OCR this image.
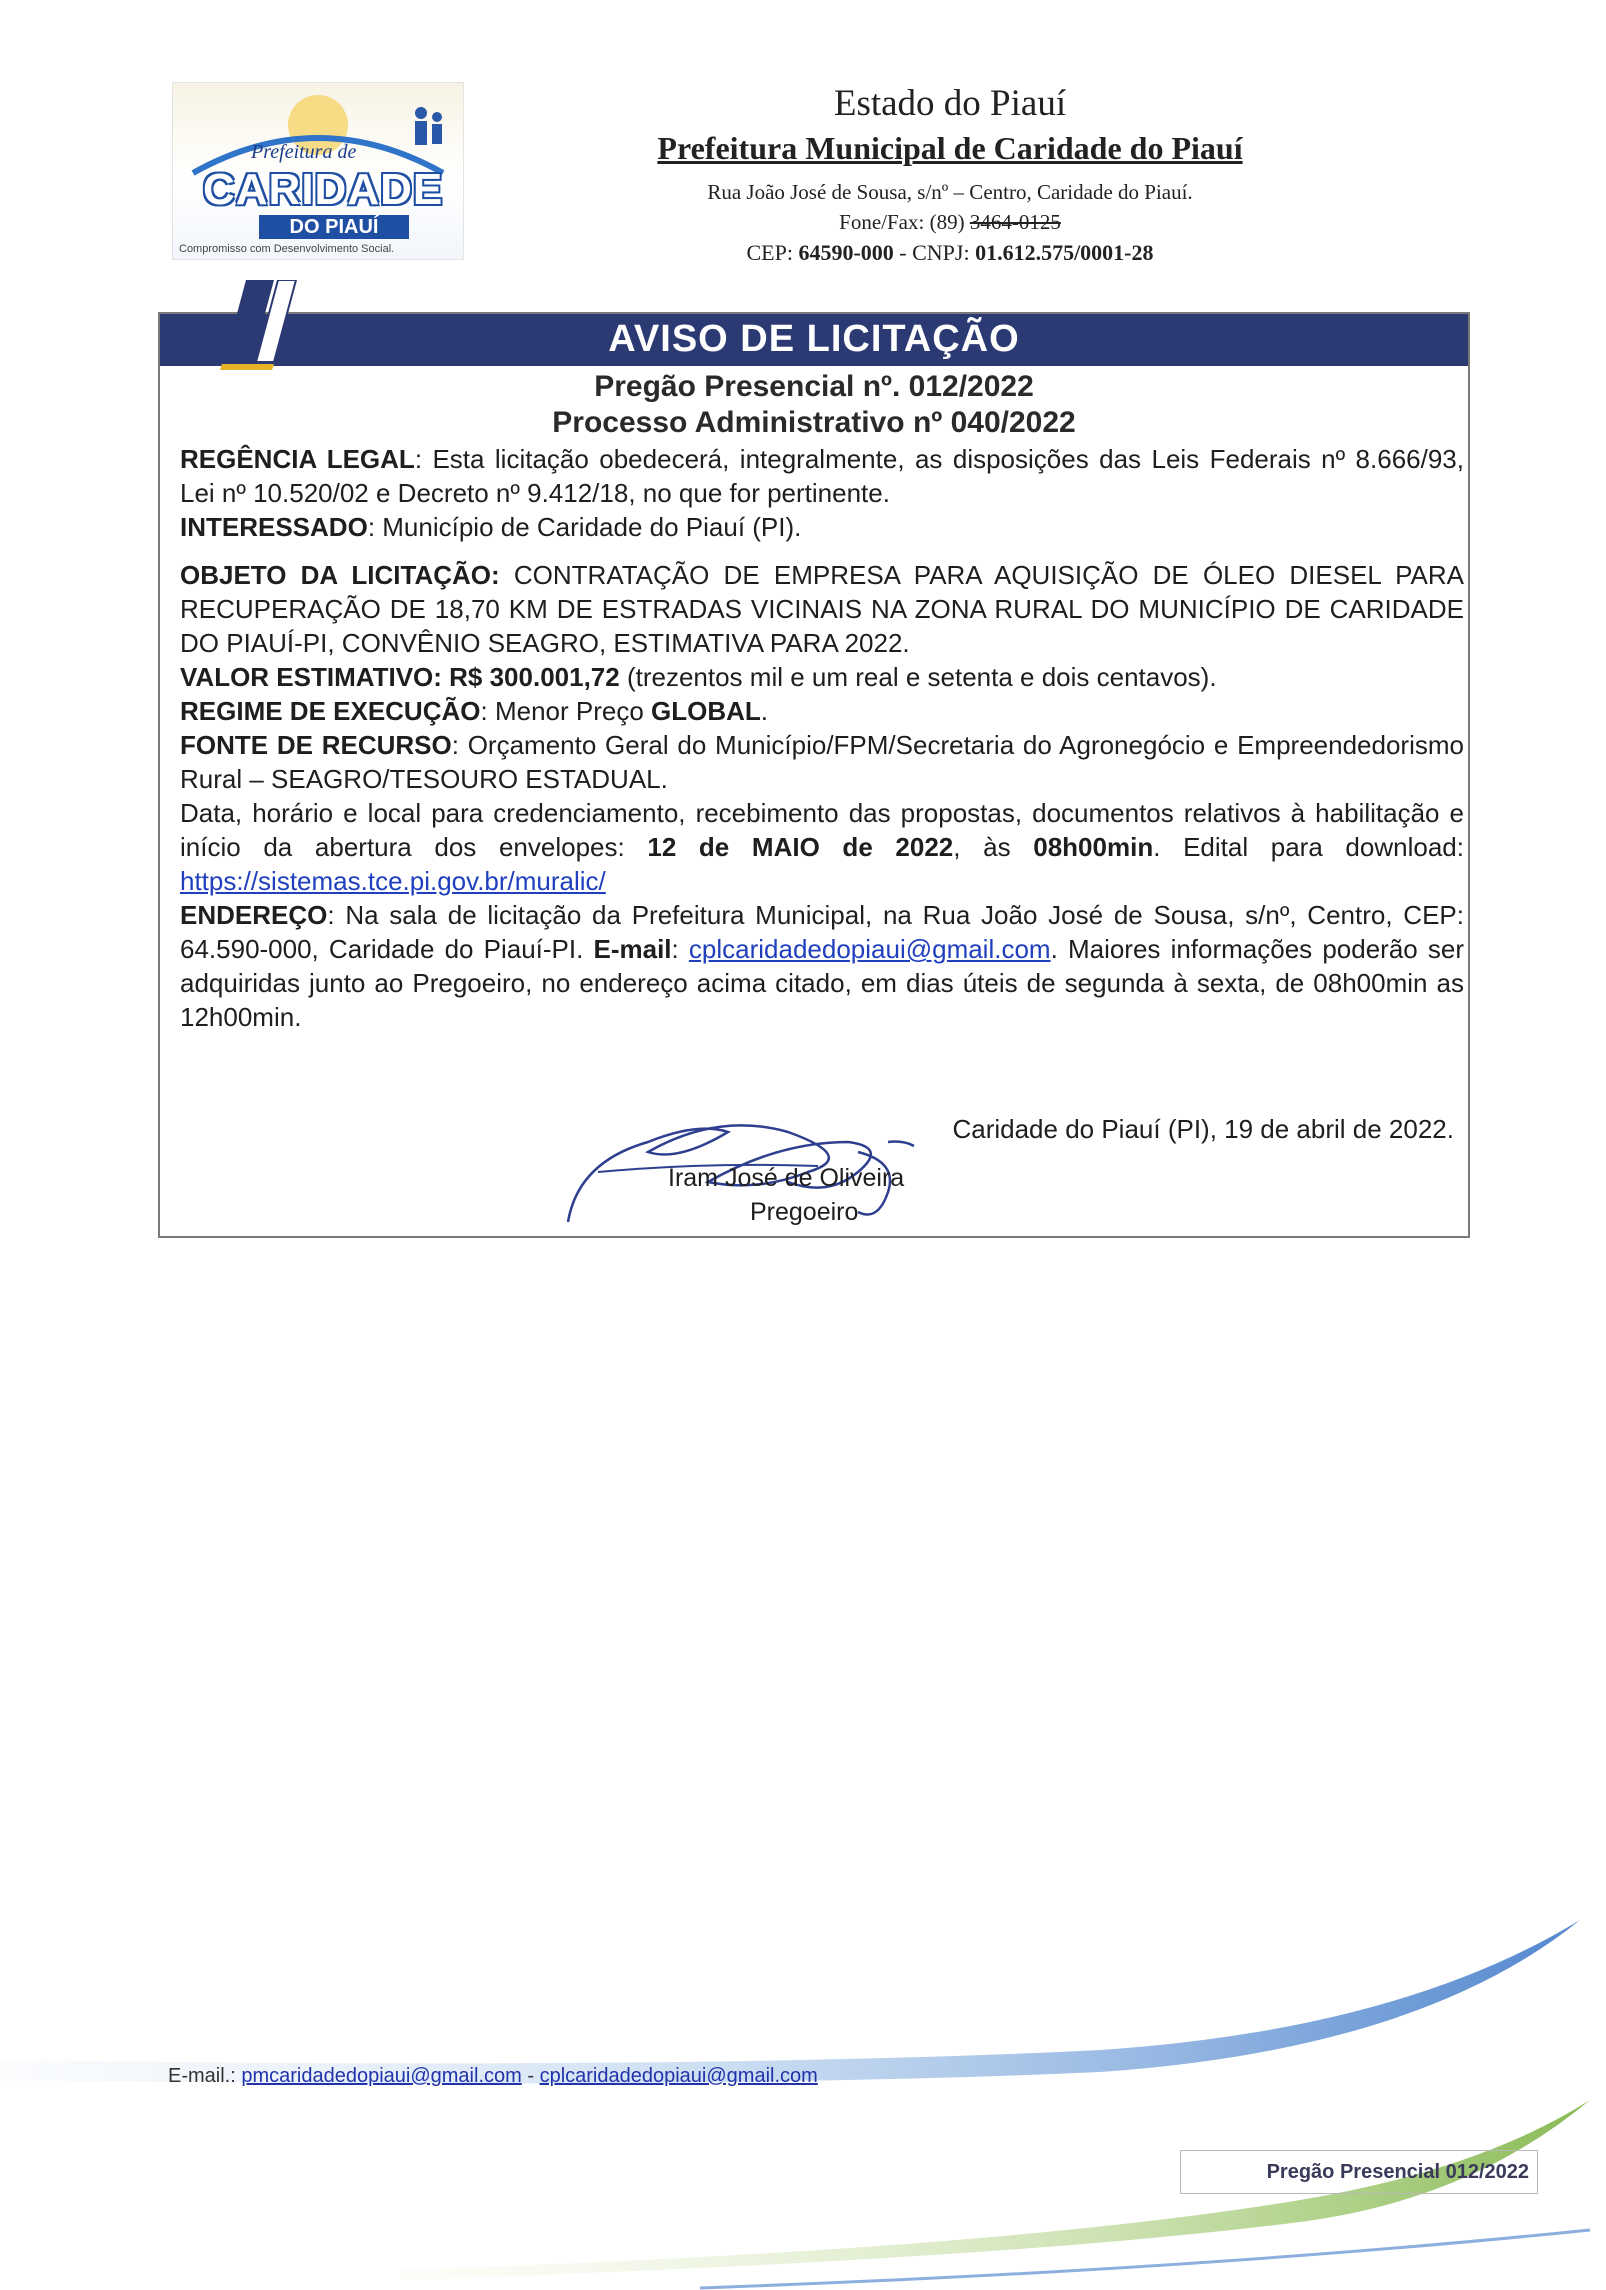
Prefeitura de
CARIDADE
DO PIAUÍ
Compromisso com Desenvolvimento Social.
Estado do Piauí
Prefeitura Municipal de Caridade do Piauí
Rua João José de Sousa, s/nº – Centro, Caridade do Piauí.
Fone/Fax: (89) 3464-0125
CEP: 64590-000 - CNPJ: 01.612.575/0001-28
AVISO DE LICITAÇÃO
Pregão Presencial nº. 012/2022
Processo Administrativo nº 040/2022

REGÊNCIA LEGAL: Esta licitação obedecerá, integralmente, as disposições das Leis Federais nº 8.666/93, Lei nº 10.520/02 e Decreto nº 9.412/18, no que for pertinente.

INTERESSADO: Município de Caridade do Piauí (PI).

OBJETO DA LICITAÇÃO: CONTRATAÇÃO DE EMPRESA PARA AQUISIÇÃO DE ÓLEO DIESEL PARA RECUPERAÇÃO DE 18,70 KM DE ESTRADAS VICINAIS NA ZONA RURAL DO MUNICÍPIO DE CARIDADE DO PIAUÍ-PI, CONVÊNIO SEAGRO, ESTIMATIVA PARA 2022.

VALOR ESTIMATIVO: R$ 300.001,72 (trezentos mil e um real e setenta e dois centavos).

REGIME DE EXECUÇÃO: Menor Preço GLOBAL.

FONTE DE RECURSO: Orçamento Geral do Município/FPM/Secretaria do Agronegócio e Empreendedorismo Rural – SEAGRO/TESOURO ESTADUAL.

Data, horário e local para credenciamento, recebimento das propostas, documentos relativos à habilitação e início da abertura dos envelopes: 12 de MAIO de 2022, às 08h00min. Edital para download: https://sistemas.tce.pi.gov.br/muralic/

ENDEREÇO: Na sala de licitação da Prefeitura Municipal, na Rua João José de Sousa, s/nº, Centro, CEP: 64.590-000, Caridade do Piauí-PI. E-mail: cplcaridadedopiaui@gmail.com. Maiores informações poderão ser adquiridas junto ao Pregoeiro, no endereço acima citado, em dias úteis de segunda à sexta, de 08h00min as 12h00min.

Caridade do Piauí (PI), 19 de abril de 2022.
Iram José de Oliveira
Pregoeiro
E-mail.: pmcaridadedopiaui@gmail.com - cplcaridadedopiaui@gmail.com
Pregão Presencial 012/2022
